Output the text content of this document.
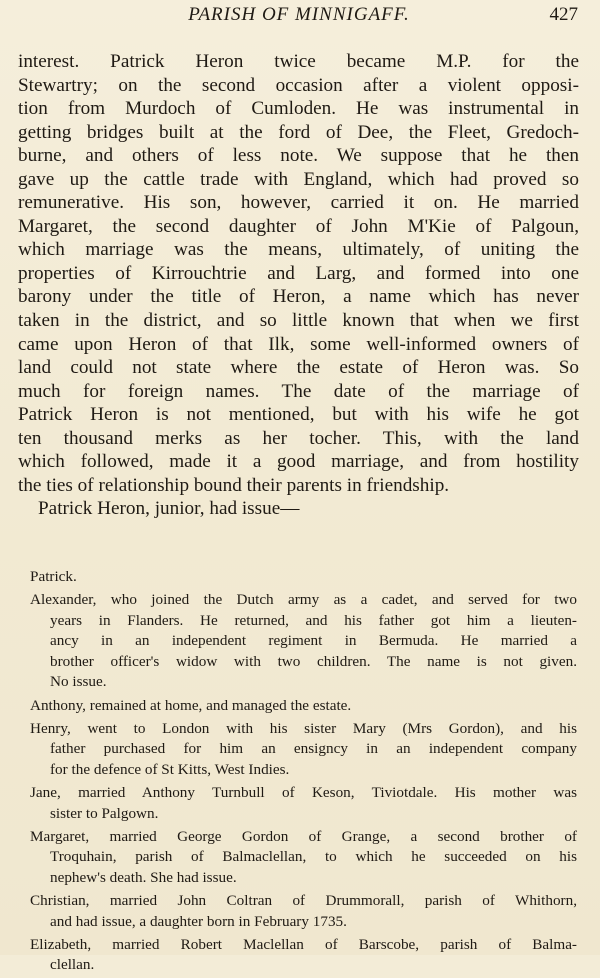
PARISH OF MINNIGAFF.	427
interest. Patrick Heron twice became M.P. for the
Stewartry; on the second occasion after a violent opposi-
tion from Murdoch of Cumloden. He was instrumental in
getting bridges built at the ford of Dee, the Fleet, Gredoch-
burne, and others of less note. We suppose that he then
gave up the cattle trade with England, which had proved so
remunerative. His son, however, carried it on. He married
Margaret, the second daughter of John M'Kie of Palgoun,
which marriage was the means, ultimately, of uniting the
properties of Kirrouchtrie and Larg, and formed into one
barony under the title of Heron, a name which has never
taken in the district, and so little known that when we first
came upon Heron of that Ilk, some well-informed owners of
land could not state where the estate of Heron was. So
much for foreign names. The date of the marriage of
Patrick Heron is not mentioned, but with his wife he got
ten thousand merks as her tocher. This, with the land
which followed, made it a good marriage, and from hostility
the ties of relationship bound their parents in friendship.
Patrick Heron, junior, had issue—
Patrick.
Alexander, who joined the Dutch army as a cadet, and served for two
years in Flanders. He returned, and his father got him a lieuten-
ancy in an independent regiment in Bermuda. He married a
brother officer's widow with two children. The name is not given.
No issue.
Anthony, remained at home, and managed the estate.
Henry, went to London with his sister Mary (Mrs Gordon), and his
father purchased for him an ensigncy in an independent company
for the defence of St Kitts, West Indies.
Jane, married Anthony Turnbull of Keson, Tiviotdale. His mother was
sister to Palgown.
Margaret, married George Gordon of Grange, a second brother of
Troquhain, parish of Balmaclellan, to which he succeeded on his
nephew's death. She had issue.
Christian, married John Coltran of Drummorall, parish of Whithorn,
and had issue, a daughter born in February 1735.
Elizabeth, married Robert Maclellan of Barscobe, parish of Balma-
clellan.
